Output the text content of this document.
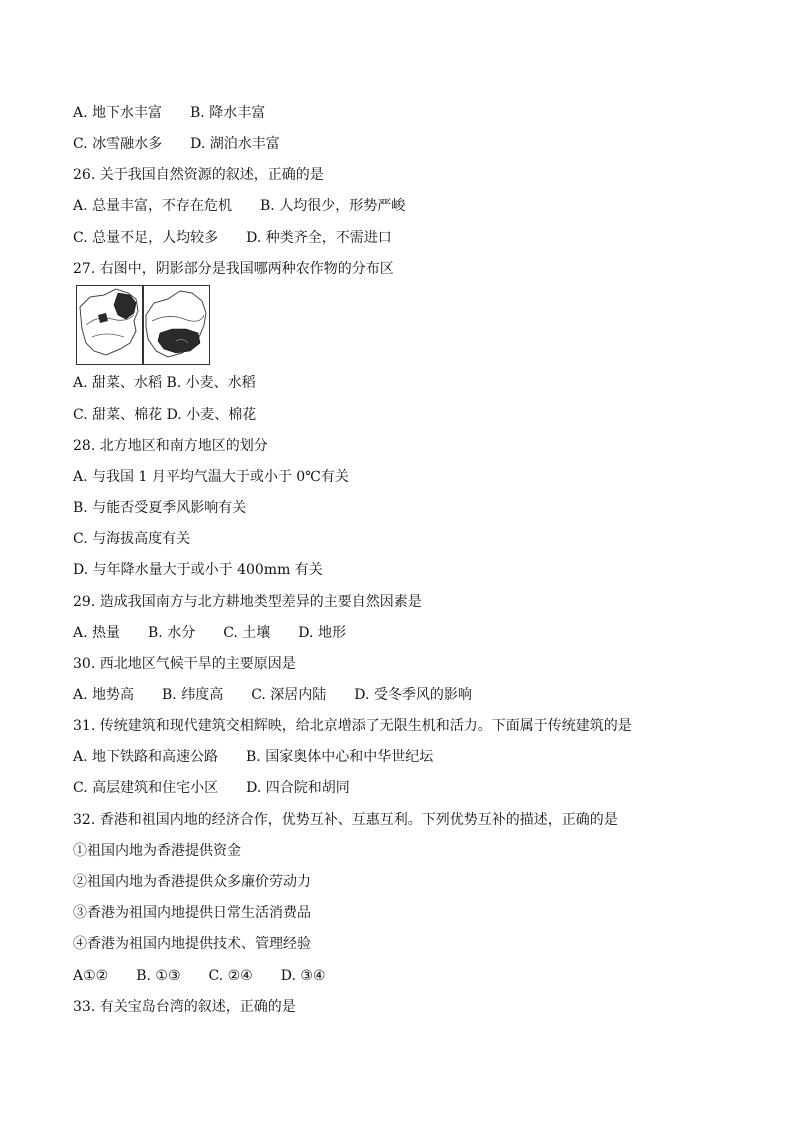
A. 地下水丰富　　B. 降水丰富
C. 冰雪融水多　　D. 湖泊水丰富
26. 关于我国自然资源的叙述，正确的是
A. 总量丰富，不存在危机　　B. 人均很少，形势严峻
C. 总量不足，人均较多　　D. 种类齐全，不需进口
27. 右图中，阴影部分是我国哪两种农作物的分布区
A. 甜菜、水稻 B. 小麦、水稻
C. 甜菜、棉花 D. 小麦、棉花
28. 北方地区和南方地区的划分
A. 与我国 1 月平均气温大于或小于 0℃有关
B. 与能否受夏季风影响有关
C. 与海拔高度有关
D. 与年降水量大于或小于 400mm 有关
29. 造成我国南方与北方耕地类型差异的主要自然因素是
A. 热量　　B. 水分　　C. 土壤　　D. 地形
30. 西北地区气候干旱的主要原因是
A. 地势高　　B. 纬度高　　C. 深居内陆　　D. 受冬季风的影响
31. 传统建筑和现代建筑交相辉映，给北京增添了无限生机和活力。下面属于传统建筑的是
A. 地下铁路和高速公路　　B. 国家奥体中心和中华世纪坛
C. 高层建筑和住宅小区　　D. 四合院和胡同
32. 香港和祖国内地的经济合作，优势互补、互惠互利。下列优势互补的描述，正确的是
①祖国内地为香港提供资金
②祖国内地为香港提供众多廉价劳动力
③香港为祖国内地提供日常生活消费品
④香港为祖国内地提供技术、管理经验
A①②　　B. ①③　　C. ②④　　D. ③④
33. 有关宝岛台湾的叙述，正确的是
